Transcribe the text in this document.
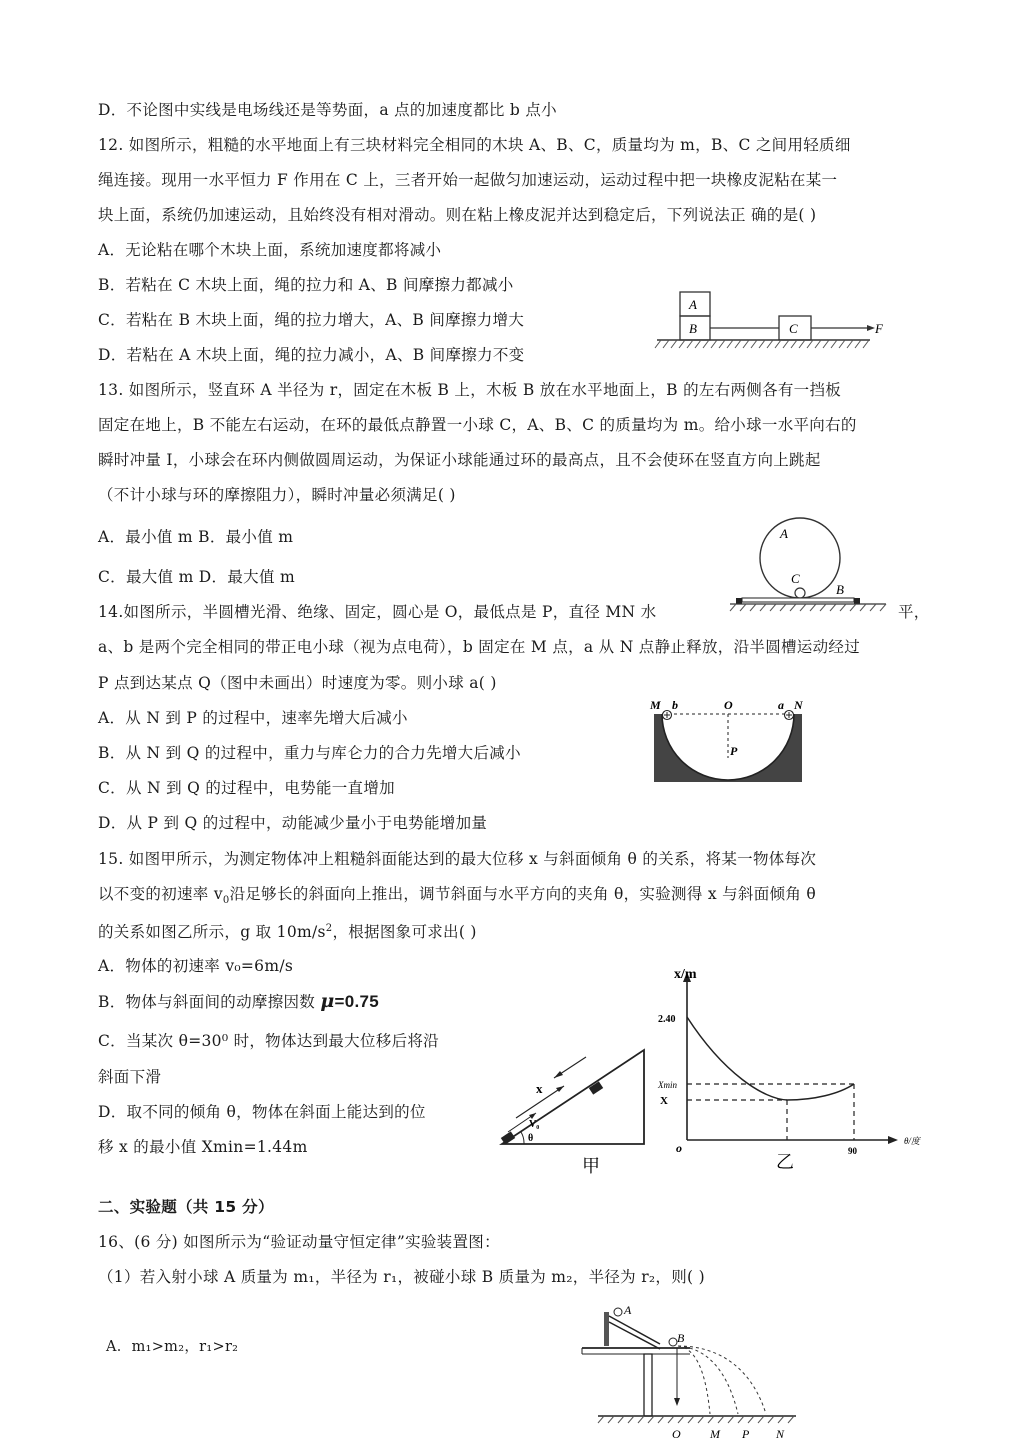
D．不论图中实线是电场线还是等势面，a 点的加速度都比 b 点小
12. 如图所示，粗糙的水平地面上有三块材料完全相同的木块 A、B、C，质量均为 m，B、C 之间用轻质细
绳连接。现用一水平恒力 F 作用在 C 上，三者开始一起做匀加速运动，运动过程中把一块橡皮泥粘在某一
块上面，系统仍加速运动，且始终没有相对滑动。则在粘上橡皮泥并达到稳定后，下列说法正 确的是( )
A．无论粘在哪个木块上面，系统加速度都将减小
B．若粘在 C 木块上面，绳的拉力和 A、B 间摩擦力都减小
C．若粘在 B 木块上面，绳的拉力增大，A、B 间摩擦力增大
D．若粘在 A 木块上面，绳的拉力减小，A、B 间摩擦力不变
13. 如图所示，竖直环 A 半径为 r，固定在木板 B 上，木板 B 放在水平地面上，B 的左右两侧各有一挡板
固定在地上，B 不能左右运动，在环的最低点静置一小球 C，A、B、C 的质量均为 m。给小球一水平向右的
瞬时冲量 I，小球会在环内侧做圆周运动，为保证小球能通过环的最高点，且不会使环在竖直方向上跳起
（不计小球与环的摩擦阻力），瞬时冲量必须满足( )
A．最小值 m B．最小值 m
C．最大值 m D．最大值 m
14.如图所示，半圆槽光滑、绝缘、固定，圆心是 O，最低点是 P，直径 MN 水	平，
a、b 是两个完全相同的带正电小球（视为点电荷），b 固定在 M 点，a 从 N 点静止释放，沿半圆槽运动经过
P 点到达某点 Q（图中未画出）时速度为零。则小球 a( )
A．从 N 到 P 的过程中，速率先增大后减小
B．从 N 到 Q 的过程中，重力与库仑力的合力先增大后减小
C．从 N 到 Q 的过程中，电势能一直增加
D．从 P 到 Q 的过程中，动能减少量小于电势能增加量
15. 如图甲所示，为测定物体冲上粗糙斜面能达到的最大位移 x 与斜面倾角 θ 的关系，将某一物体每次
以不变的初速率 $v_0$沿足够长的斜面向上推出，调节斜面与水平方向的夹角 θ，实验测得 x 与斜面倾角 θ
的关系如图乙所示，g 取 $10m/s^2$，根据图象可求出( )
A．物体的初速率 v₀=6m/s
B．物体与斜面间的动摩擦因数 μ=0.75
C．当某次 θ=30⁰ 时，物体达到最大位移后将沿
斜面下滑
D．取不同的倾角 θ，物体在斜面上能达到的位
移 x 的最小值 Xmin=1.44m
二、实验题（共 15 分）
16、(6 分) 如图所示为“验证动量守恒定律”实验装置图：
（1）若入射小球 A 质量为 m₁，半径为 r₁，被碰小球 B 质量为 m₂，半径为 r₂，则( )
A．m₁>m₂，r₁>r₂
A
B	C	F
A
C
B
M b	O	a N
P
x
V₀
θ
甲
x/m
2.40
Xmin
X
o	90
θ/度
乙
A
B
O M P N
